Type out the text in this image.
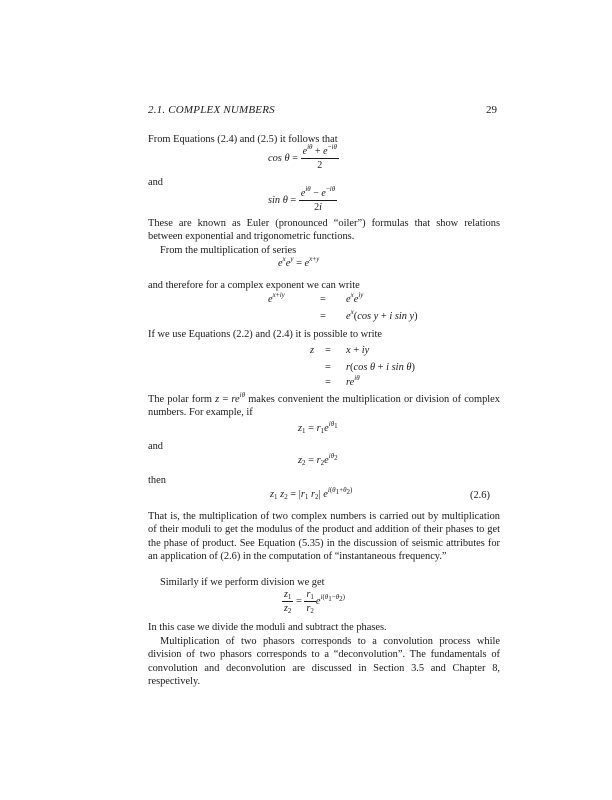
2.1. COMPLEX NUMBERS	29
From Equations (2.4) and (2.5) it follows that
$\cos \theta = \frac{e^{i\theta} + e^{-i\theta}}{2}$
and
$\sin \theta = \frac{e^{i\theta} - e^{-i\theta}}{2i}$
These are known as Euler (pronounced “oiler”) formulas that show relations between exponential and trigonometric functions.
From the multiplication of series
$e^xe^y = e^{x+y}$
and therefore for a complex exponent we can write
$e^{x+iy}$	= $e^xe^{iy}$
= $e^x(\cos$ y + i sin y)
If we use Equations (2.2) and (2.4) it is possible to write
z = x + iy
= r(cos θ + i sin θ)
= $re^{i\theta}$
The polar form $z = re^{i\theta}$ makes convenient the multiplication or division of complex numbers. For example, if
$z_1 = r_1e^{i\theta_1}$
and
$z_2 = r_2e^{i\theta_2}$
then
$z_1$ $z_2 = |r_1$ $r_2|$ $e^{i(\theta_1+\theta_2)}$	(2.6)
That is, the multiplication of two complex numbers is carried out by multiplication of their moduli to get the modulus of the product and addition of their phases to get the phase of product. See Equation (5.35) in the discussion of seismic attributes for an application of (2.6) in the computation of “instantaneous frequency.”
Similarly if we perform division we get
$\frac{z_1}{z_2} = \frac{r_1}{r_2} e^{i(\theta_1-\theta_2)}$
In this case we divide the moduli and subtract the phases.
Multiplication of two phasors corresponds to a convolution process while division of two phasors corresponds to a “deconvolution”. The fundamentals of convolution and deconvolution are discussed in Section 3.5 and Chapter 8, respectively.
